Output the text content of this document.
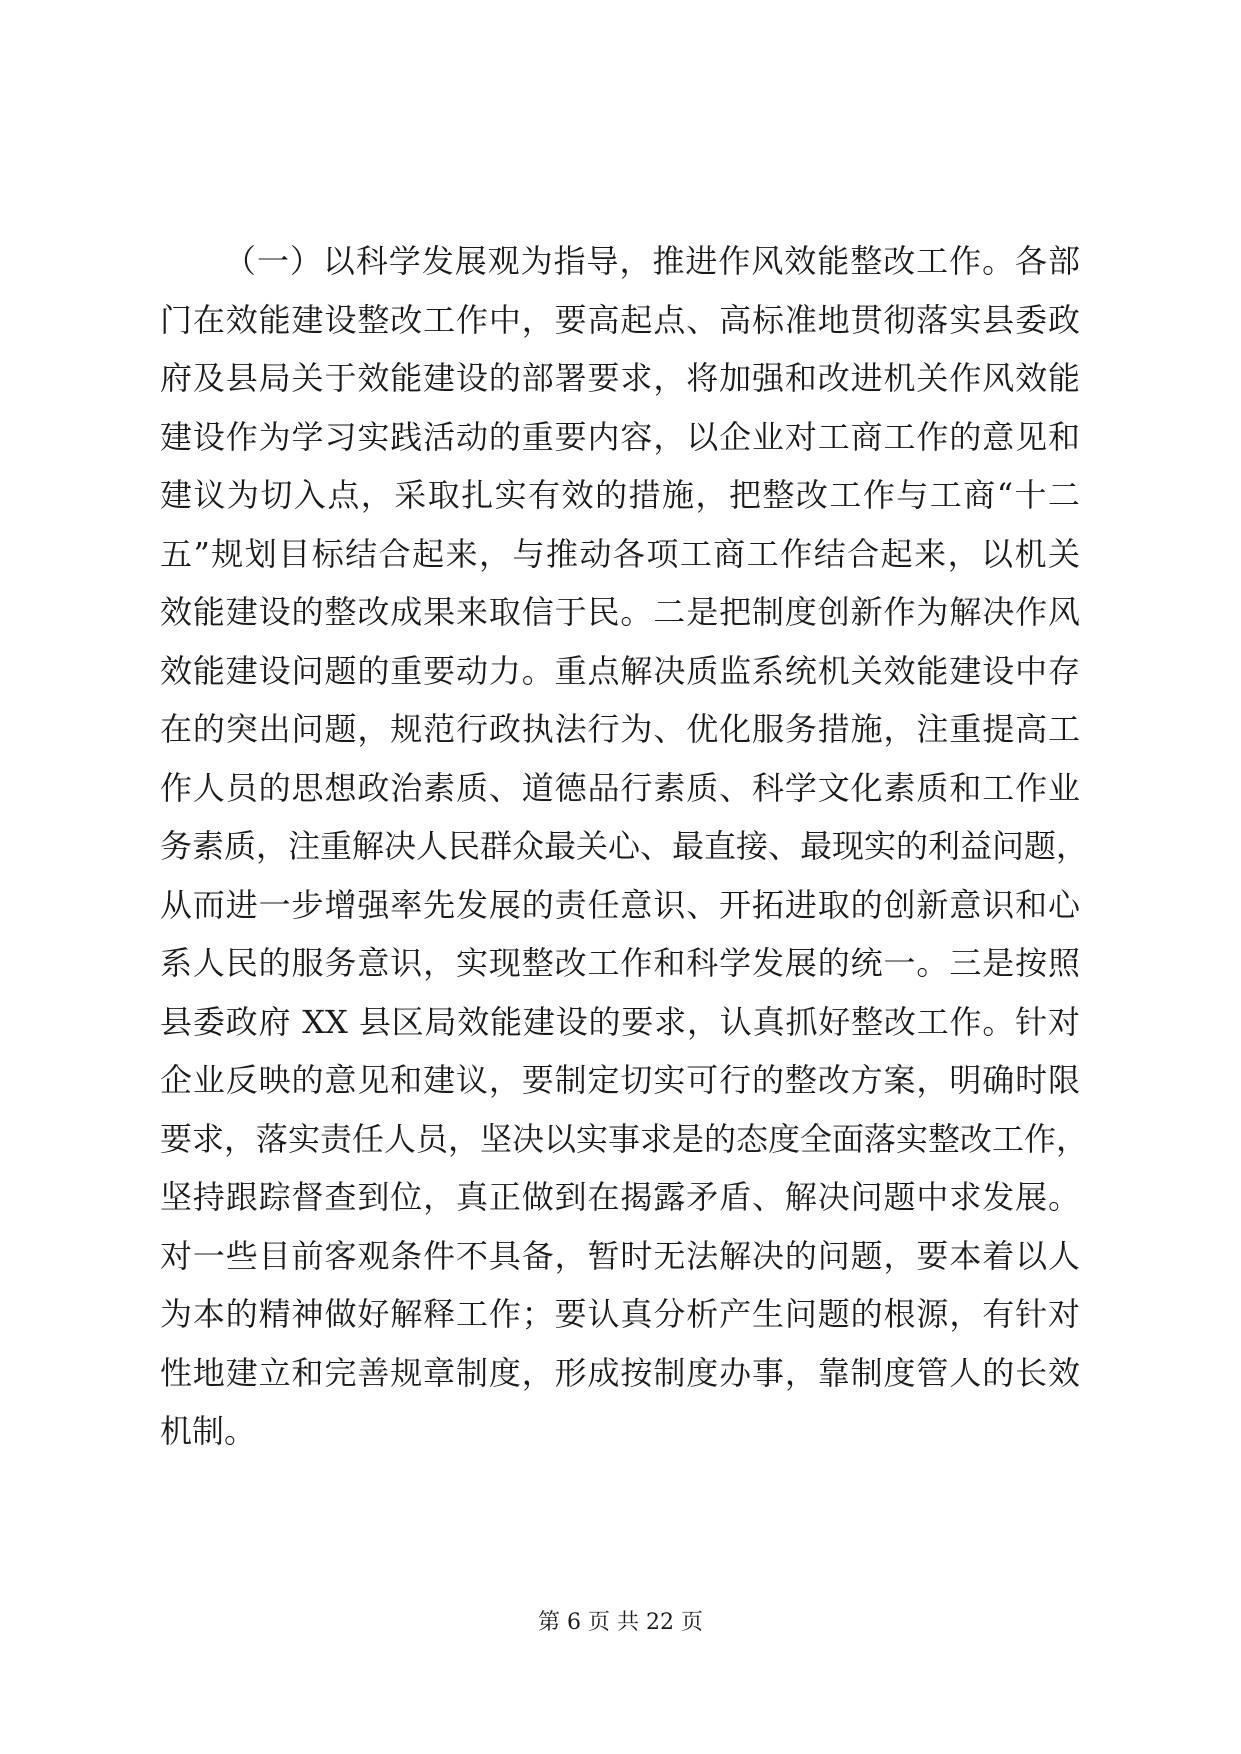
（一）以科学发展观为指导，推进作风效能整改工作。各部
门在效能建设整改工作中，要高起点、高标准地贯彻落实县委政
府及县局关于效能建设的部署要求，将加强和改进机关作风效能
建设作为学习实践活动的重要内容，以企业对工商工作的意见和
建议为切入点，采取扎实有效的措施，把整改工作与工商“十二
五”规划目标结合起来，与推动各项工商工作结合起来，以机关
效能建设的整改成果来取信于民。二是把制度创新作为解决作风
效能建设问题的重要动力。重点解决质监系统机关效能建设中存
在的突出问题，规范行政执法行为、优化服务措施，注重提高工
作人员的思想政治素质、道德品行素质、科学文化素质和工作业
务素质，注重解决人民群众最关心、最直接、最现实的利益问题，
从而进一步增强率先发展的责任意识、开拓进取的创新意识和心
系人民的服务意识，实现整改工作和科学发展的统一。三是按照
县委政府 XX 县区局效能建设的要求，认真抓好整改工作。针对
企业反映的意见和建议，要制定切实可行的整改方案，明确时限
要求，落实责任人员，坚决以实事求是的态度全面落实整改工作，
坚持跟踪督查到位，真正做到在揭露矛盾、解决问题中求发展。
对一些目前客观条件不具备，暂时无法解决的问题，要本着以人
为本的精神做好解释工作；要认真分析产生问题的根源，有针对
性地建立和完善规章制度，形成按制度办事，靠制度管人的长效
机制。
第 6 页 共 22 页
